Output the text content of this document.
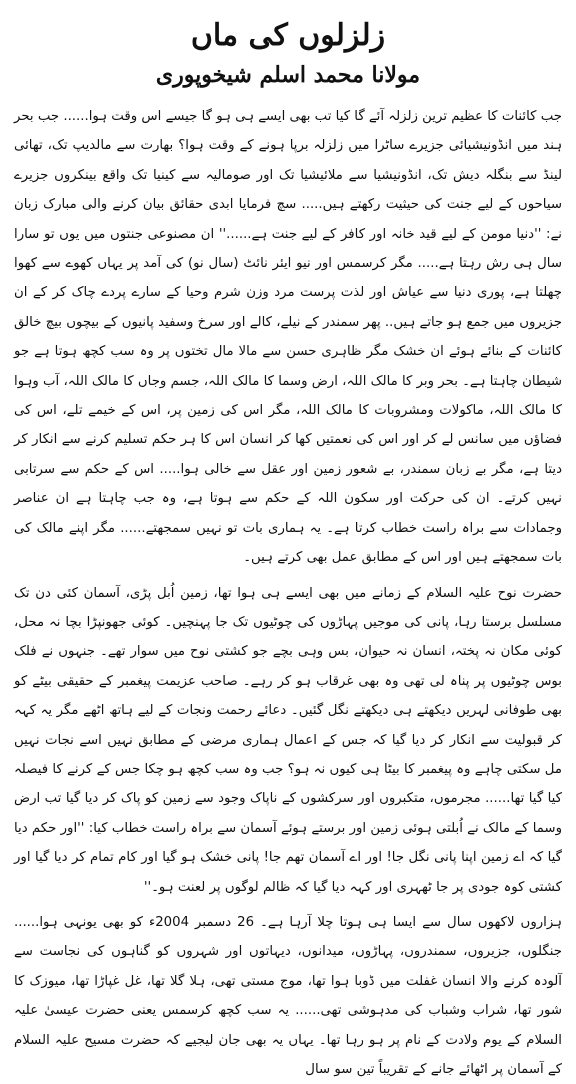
زلزلوں کی ماں
مولانا محمد اسلم شیخوپوری

جب کائنات کا عظیم ترین زلزلہ آئے گا کیا تب بھی ایسے ہی ہو گا جیسے اس وقت ہوا...... جب بحر ہند میں انڈونیشیائی جزیرے ساٹرا میں زلزلہ برپا ہونے کے وقت ہوا؟ بھارت سے مالدیپ تک، تھائی لینڈ سے بنگلہ دیش تک، انڈونیشیا سے ملائیشیا تک اور صومالیہ سے کینیا تک واقع بینکروں جزیرے سیاحوں کے لیے جنت کی حیثیت رکھتے ہیں..... سچ فرمایا ابدی حقائق بیان کرنے والی مبارک زبان نے: ''دنیا مومن کے لیے قید خانہ اور کافر کے لیے جنت ہے......'' ان مصنوعی جنتوں میں یوں تو سارا سال ہی رش رہتا ہے..... مگر کرسمس اور نیو ایئر نائٹ (سال نو) کی آمد پر یہاں کھوے سے کھوا چھلتا ہے، پوری دنیا سے عیاش اور لذت پرست مرد وزن شرم وحیا کے سارے پردے چاک کر کے ان جزیروں میں جمع ہو جاتے ہیں.. پھر سمندر کے نیلے، کالے اور سرخ وسفید پانیوں کے بیچوں بیچ خالق کائنات کے بنائے ہوئے ان خشک مگر ظاہری حسن سے مالا مال تختوں پر وہ سب کچھ ہوتا ہے جو شیطان چاہتا ہے۔ بحر وبر کا مالک اللہ، ارض وسما کا مالک اللہ، جسم وجاں کا مالک اللہ، آب وہوا کا مالک اللہ، ماکولات ومشروبات کا مالک اللہ، مگر اس کی زمین پر، اس کے خیمے تلے، اس کی فضاؤں میں سانس لے کر اور اس کی نعمتیں کھا کر انسان اس کا ہر حکم تسلیم کرنے سے انکار کر دیتا ہے، مگر بے زبان سمندر، بے شعور زمین اور عقل سے خالی ہوا..... اس کے حکم سے سرتابی نہیں کرتے۔ ان کی حرکت اور سکون اللہ کے حکم سے ہوتا ہے، وہ جب چاہتا ہے ان عناصر وجمادات سے براہ راست خطاب کرتا ہے۔ یہ ہماری بات تو نہیں سمجھتے...... مگر اپنے مالک کی بات سمجھتے ہیں اور اس کے مطابق عمل بھی کرتے ہیں۔

حضرت نوح علیہ السلام کے زمانے میں بھی ایسے ہی ہوا تھا، زمین اُبل پڑی، آسمان کئی دن تک مسلسل برستا رہا، پانی کی موجیں پہاڑوں کی چوٹیوں تک جا پہنچیں۔ کوئی جھونپڑا بچا نہ محل، کوئی مکان نہ پختہ، انسان نہ حیوان، بس وہی بچے جو کشتی نوح میں سوار تھے۔ جنہوں نے فلک بوس چوٹیوں پر پناہ لی تھی وہ بھی غرقاب ہو کر رہے۔ صاحب عزیمت پیغمبر کے حقیقی بیٹے کو بھی طوفانی لہریں دیکھتے ہی دیکھتے نگل گئیں۔ دعائے رحمت ونجات کے لیے ہاتھ اٹھے مگر یہ کہہ کر قبولیت سے انکار کر دیا گیا کہ جس کے اعمال ہماری مرضی کے مطابق نہیں اسے نجات نہیں مل سکتی چاہے وہ پیغمبر کا بیٹا ہی کیوں نہ ہو؟ جب وہ سب کچھ ہو چکا جس کے کرنے کا فیصلہ کیا گیا تھا...... مجرموں، متکبروں اور سرکشوں کے ناپاک وجود سے زمین کو پاک کر دیا گیا تب ارض وسما کے مالک نے اُبلتی ہوئی زمین اور برستے ہوئے آسمان سے براہ راست خطاب کیا: ''اور حکم دیا گیا کہ اے زمین اپنا پانی نگل جا! اور اے آسمان تھم جا! پانی خشک ہو گیا اور کام تمام کر دیا گیا اور کشتی کوہ جودی پر جا ٹھہری اور کہہ دیا گیا کہ ظالم لوگوں پر لعنت ہو۔''

ہزاروں لاکھوں سال سے ایسا ہی ہوتا چلا آرہا ہے۔ 26 دسمبر 2004ء کو بھی یونہی ہوا...... جنگلوں، جزیروں، سمندروں، پہاڑوں، میدانوں، دیہاتوں اور شہروں کو گناہوں کی نجاست سے آلودہ کرنے والا انسان غفلت میں ڈوبا ہوا تھا، موج مستی تھی، ہلا گلا تھا، غل غپاڑا تھا، میوزک کا شور تھا، شراب وشباب کی مدہوشی تھی...... یہ سب کچھ کرسمس یعنی حضرت عیسیٰ علیہ السلام کے یوم ولادت کے نام پر ہو رہا تھا۔ یہاں یہ بھی جان لیجیے کہ حضرت مسیح علیہ السلام کے آسمان پر اٹھائے جانے کے تقریباً تین سو سال
